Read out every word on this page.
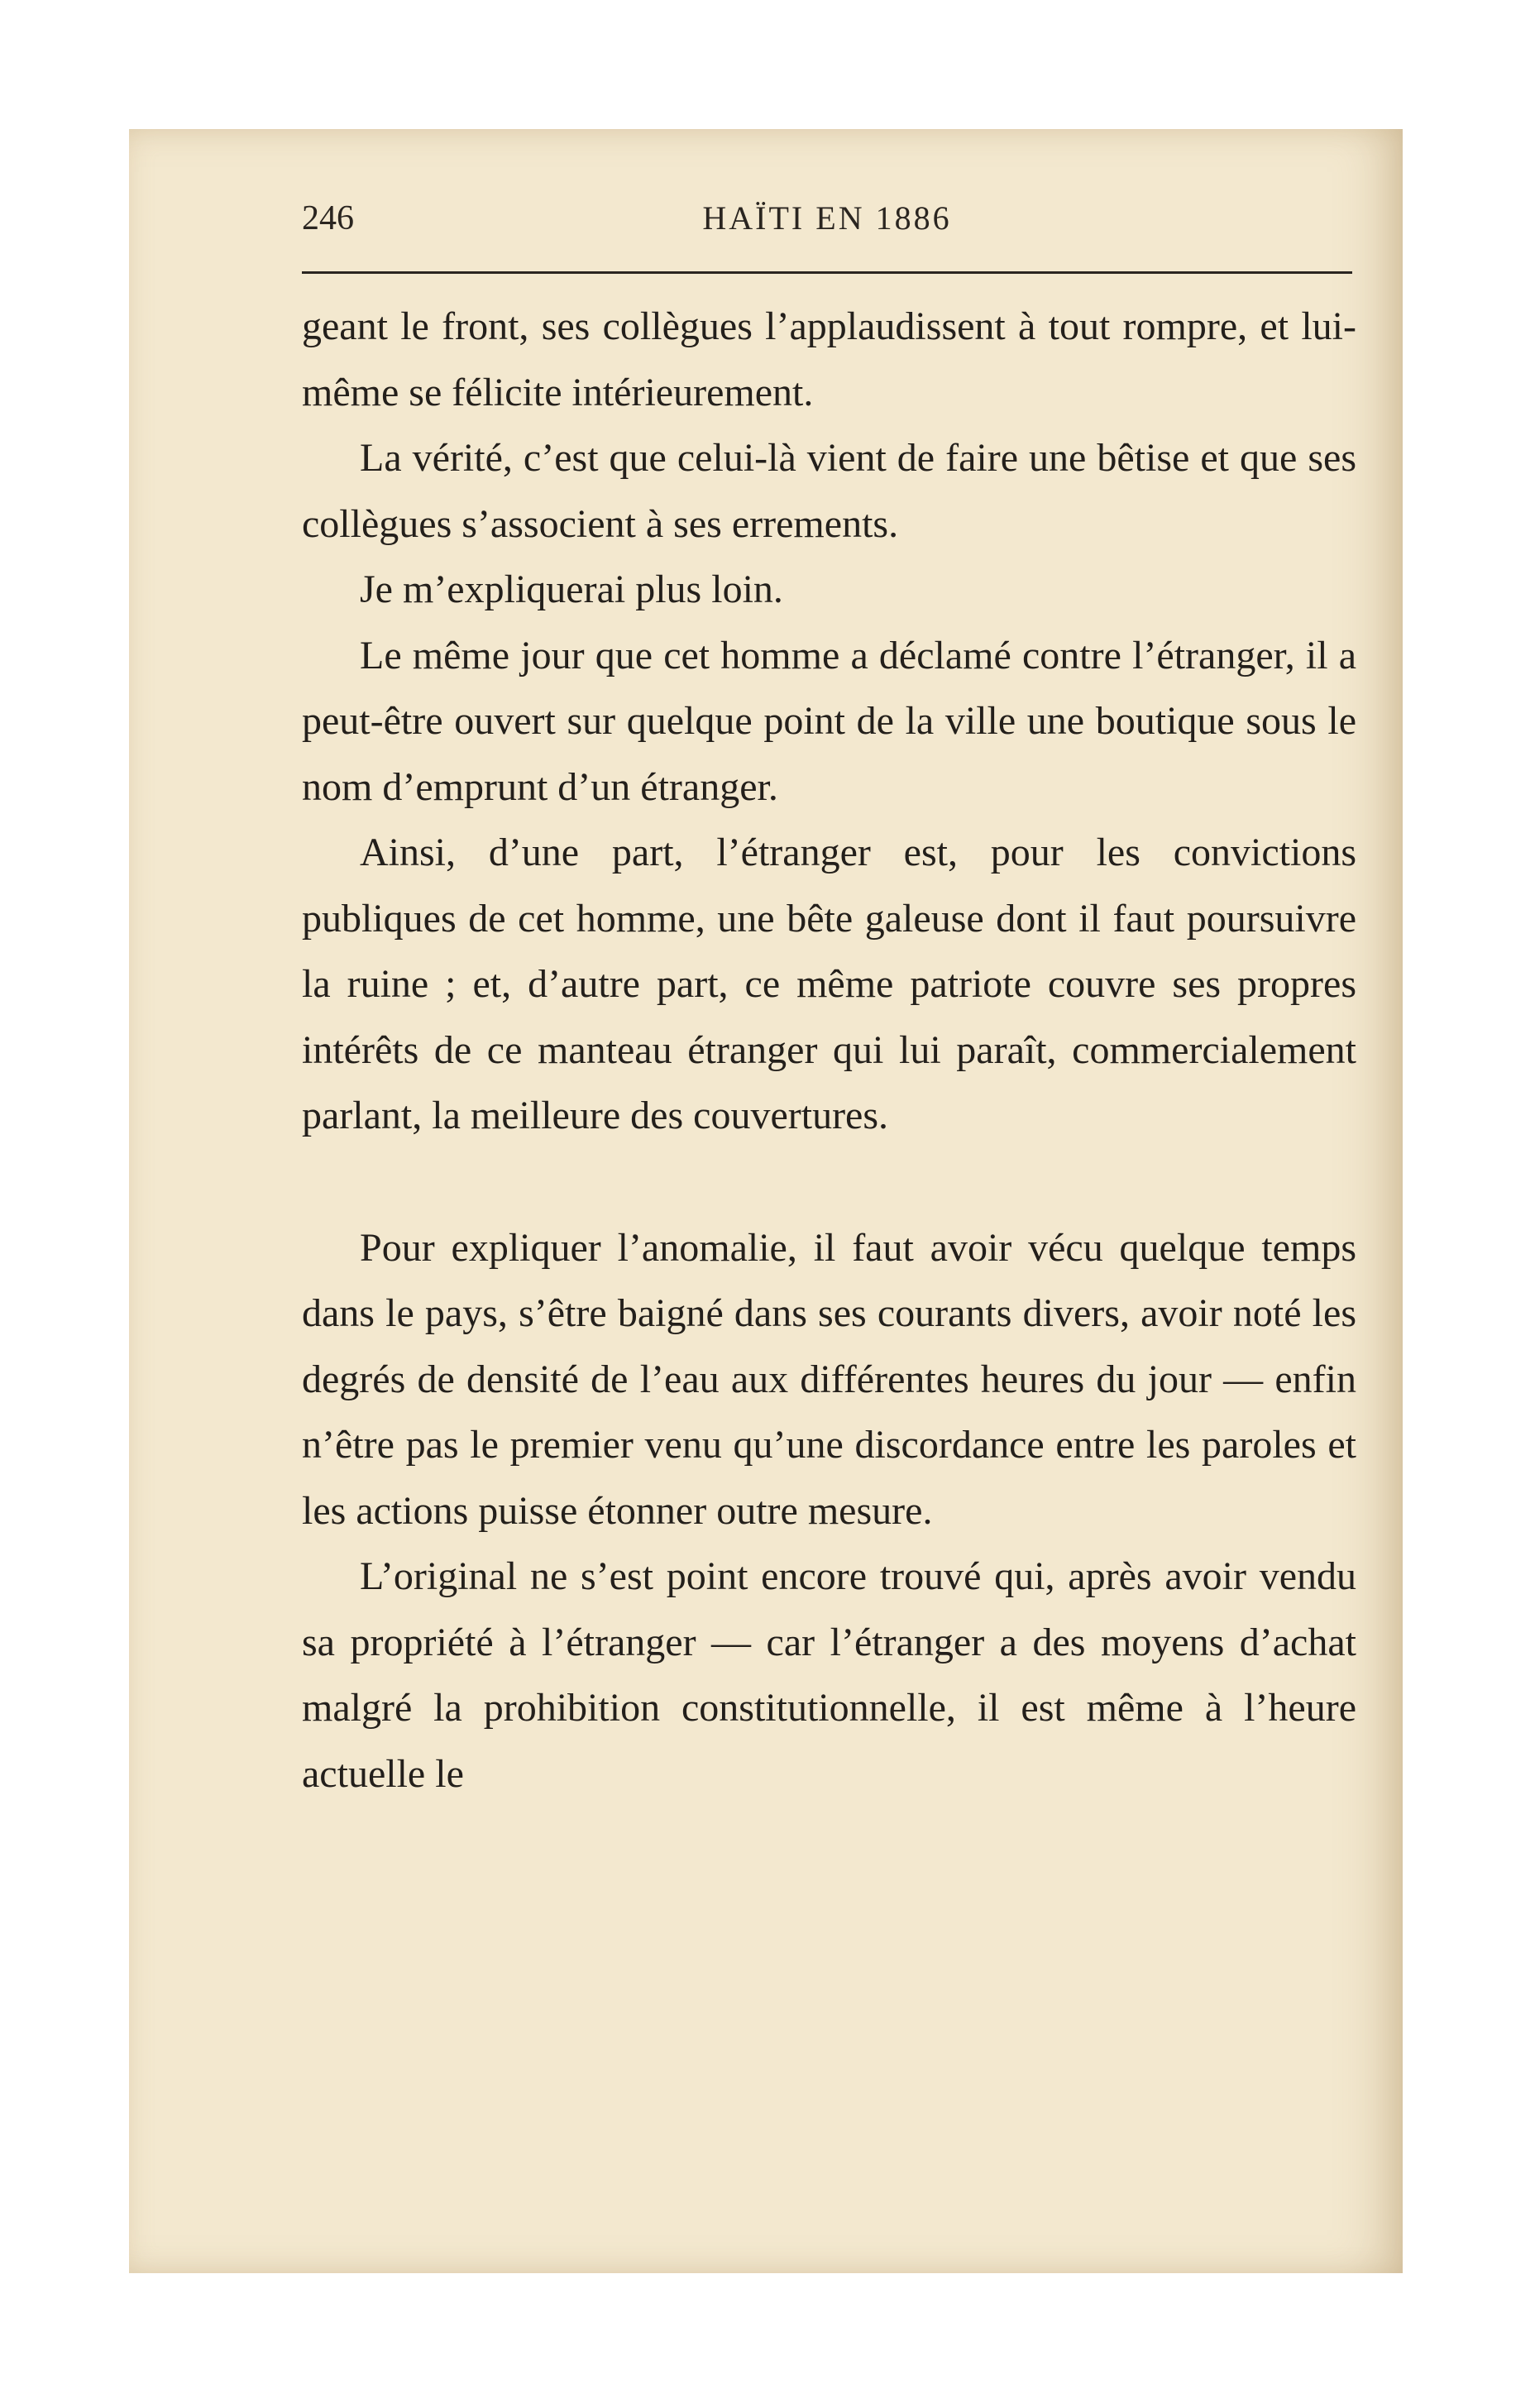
246	HAÏTI EN 1886

geant le front, ses collègues l’applaudissent à tout rompre, et lui-même se félicite intérieurement.

La vérité, c’est que celui-là vient de faire une bêtise et que ses collègues s’associent à ses errements.

Je m’expliquerai plus loin.

Le même jour que cet homme a déclamé contre l’étranger, il a peut-être ouvert sur quelque point de la ville une boutique sous le nom d’emprunt d’un étranger.

Ainsi, d’une part, l’étranger est, pour les convictions publiques de cet homme, une bête galeuse dont il faut poursuivre la ruine ; et, d’autre part, ce même patriote couvre ses propres intérêts de ce manteau étranger qui lui paraît, commercialement parlant, la meilleure des couvertures.

Pour expliquer l’anomalie, il faut avoir vécu quelque temps dans le pays, s’être baigné dans ses courants divers, avoir noté les degrés de densité de l’eau aux différentes heures du jour — enfin n’être pas le premier venu qu’une discordance entre les paroles et les actions puisse étonner outre mesure.

L’original ne s’est point encore trouvé qui, après avoir vendu sa propriété à l’étranger — car l’étranger a des moyens d’achat malgré la prohibition constitutionnelle, il est même à l’heure actuelle le
